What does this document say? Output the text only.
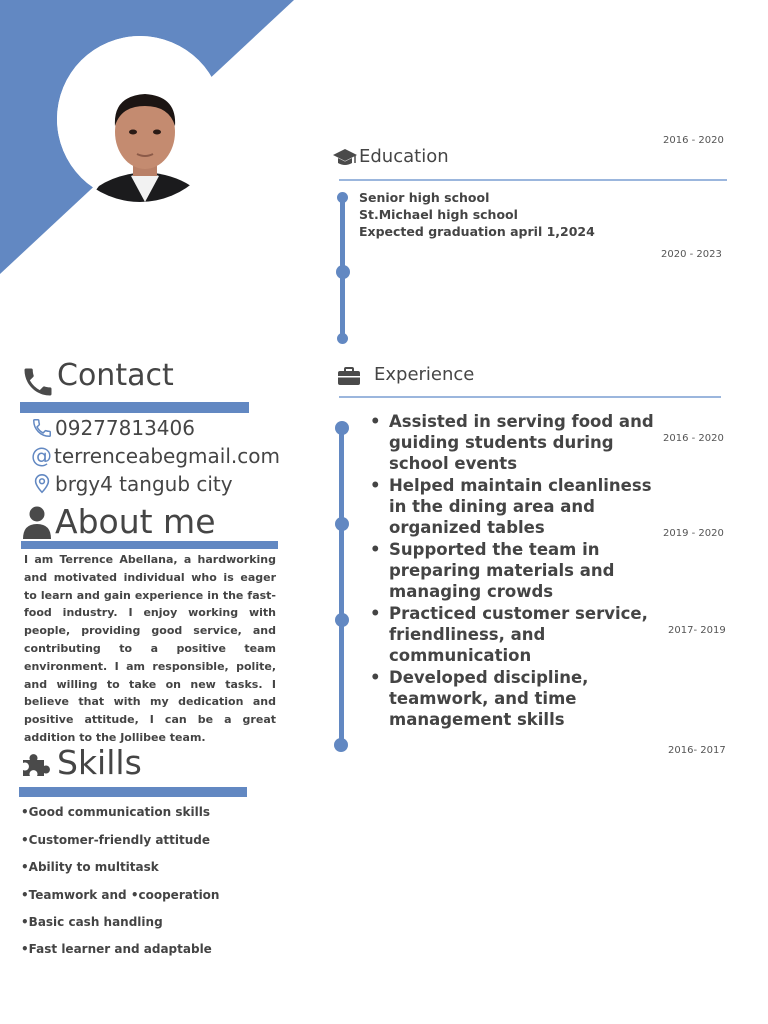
Contact
09277813406
@ terrenceabegmail.com
brgy4 tangub city
About me
I am Terrence Abellana, a hardworking and motivated individual who is eager to learn and gain experience in the fast-food industry. I enjoy working with people, providing good service, and contributing to a positive team environment. I am responsible, polite, and willing to take on new tasks. I believe that with my dedication and positive attitude, I can be a great addition to the Jollibee team.
Skills
•Good communication skills
•Customer-friendly attitude
•Ability to multitask
•Teamwork and •cooperation
•Basic cash handling
•Fast learner and adaptable
2016 - 2020
Education
Senior high school
St.Michael high school
Expected graduation april 1,2024
2020 - 2023
Experience
• Assisted in serving food and guiding students during school events
• Helped maintain cleanliness in the dining area and organized tables
• Supported the team in preparing materials and managing crowds
• Practiced customer service, friendliness, and communication
• Developed discipline, teamwork, and time management skills
2016 - 2020
2019 - 2020
2017- 2019
2016- 2017
